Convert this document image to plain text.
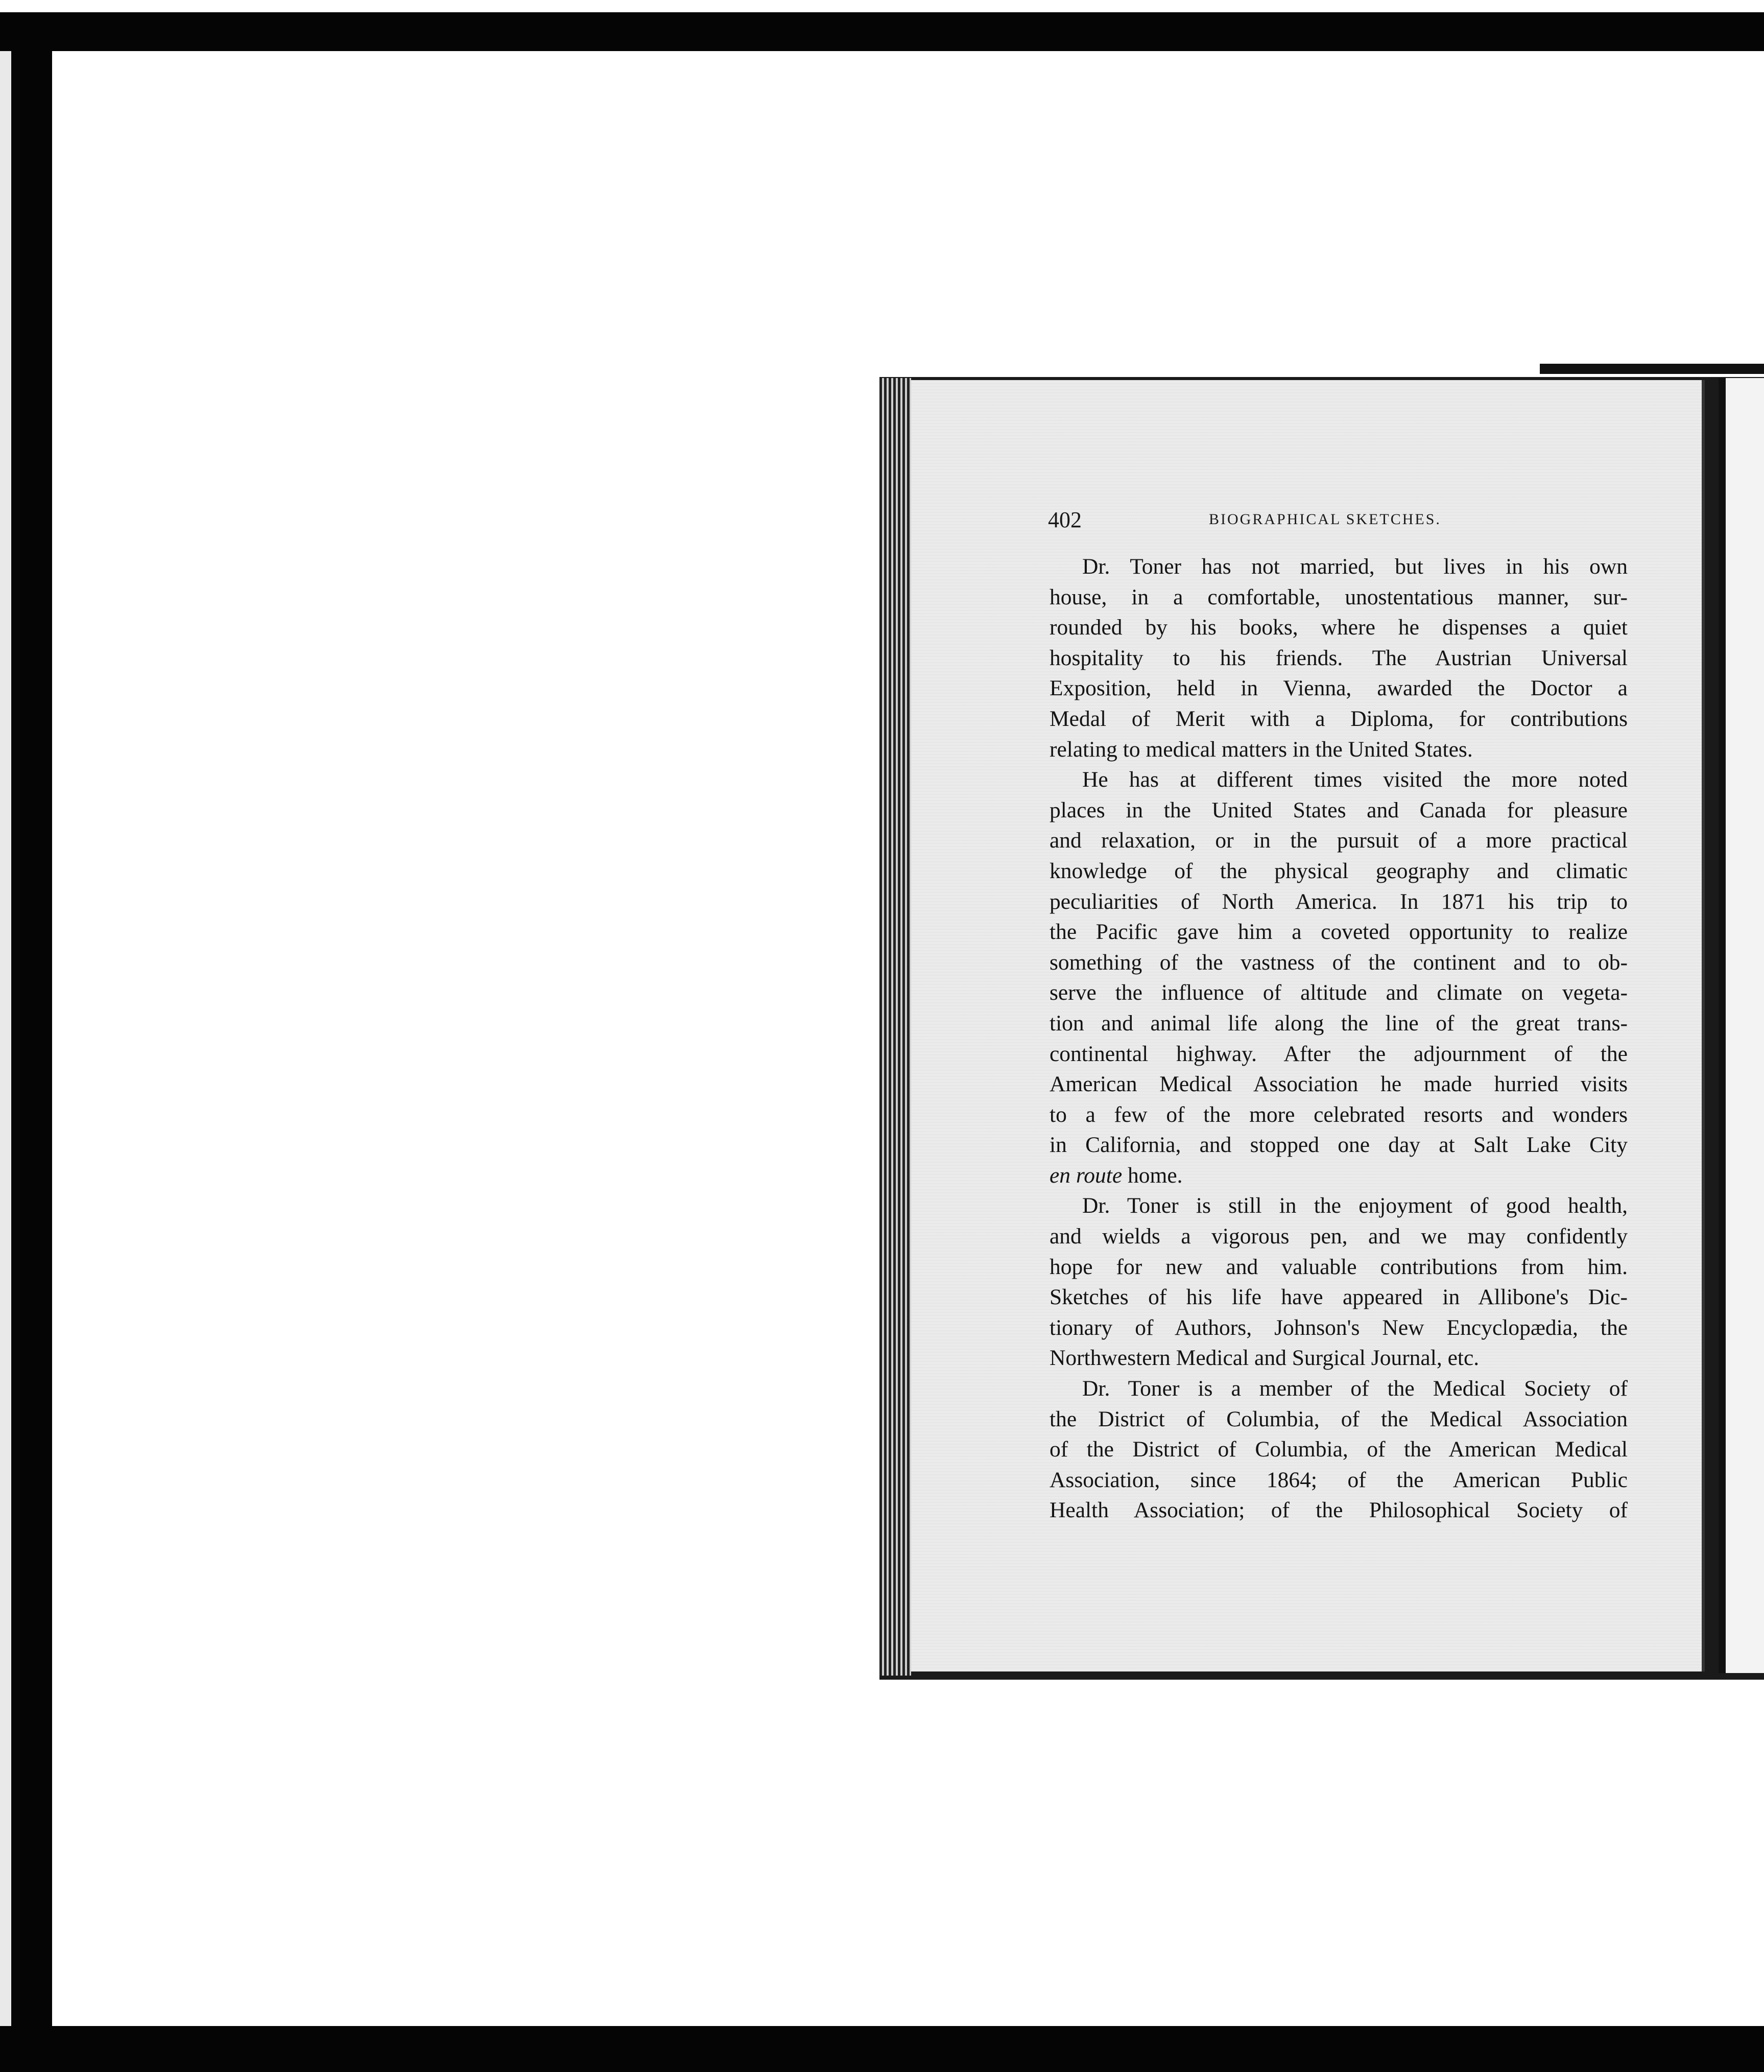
402	BIOGRAPHICAL SKETCHES.
Dr. Toner has not married, but lives in his own
house, in a comfortable, unostentatious manner, sur-
rounded by his books, where he dispenses a quiet
hospitality to his friends. The Austrian Universal
Exposition, held in Vienna, awarded the Doctor a
Medal of Merit with a Diploma, for contributions
relating to medical matters in the United States.
He has at different times visited the more noted
places in the United States and Canada for pleasure
and relaxation, or in the pursuit of a more practical
knowledge of the physical geography and climatic
peculiarities of North America. In 1871 his trip to
the Pacific gave him a coveted opportunity to realize
something of the vastness of the continent and to ob-
serve the influence of altitude and climate on vegeta-
tion and animal life along the line of the great trans-
continental highway. After the adjournment of the
American Medical Association he made hurried visits
to a few of the more celebrated resorts and wonders
in California, and stopped one day at Salt Lake City
en route home.
Dr. Toner is still in the enjoyment of good health,
and wields a vigorous pen, and we may confidently
hope for new and valuable contributions from him.
Sketches of his life have appeared in Allibone's Dic-
tionary of Authors, Johnson's New Encyclopædia, the
Northwestern Medical and Surgical Journal, etc.
Dr. Toner is a member of the Medical Society of
the District of Columbia, of the Medical Association
of the District of Columbia, of the American Medical
Association, since 1864; of the American Public
Health Association; of the Philosophical Society of
